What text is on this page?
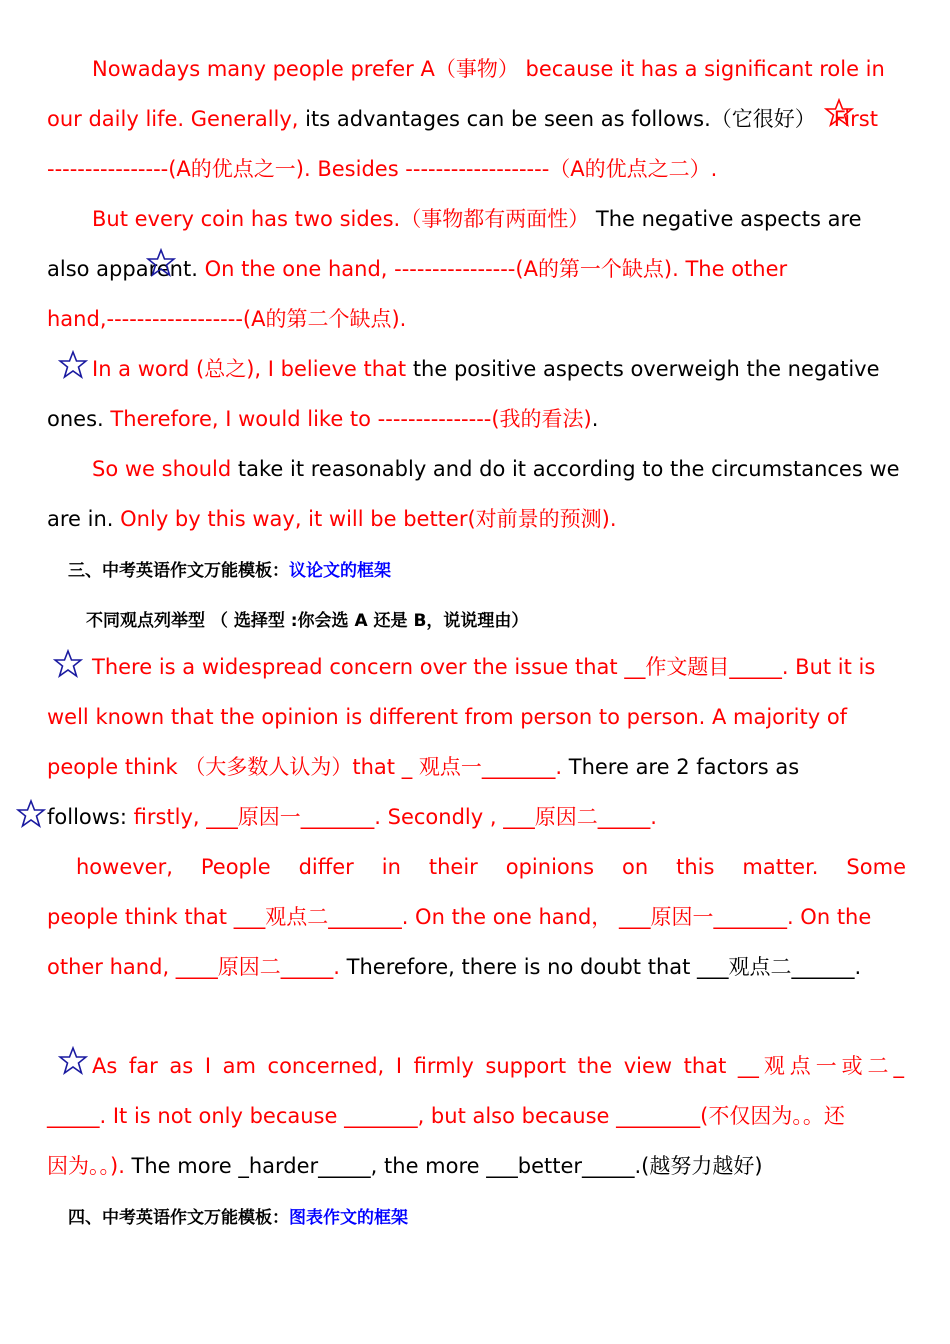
Nowadays many people prefer A（事物） because it has a significant role in
our daily life. Generally, its advantages can be seen as follows.（它很好） First
----------------(A的优点之一). Besides -------------------（A的优点之二）.
But every coin has two sides.（事物都有两面性） The negative aspects are
also apparent. On the one hand, ----------------(A的第一个缺点). The other
hand,------------------(A的第二个缺点).
In a word (总之), I believe that the positive aspects overweigh the negative
ones. Therefore, I would like to ---------------(我的看法).
So we should take it reasonably and do it according to the circumstances we
are in. Only by this way, it will be better(对前景的预测).
三、中考英语作文万能模板：议论文的框架
不同观点列举型 （ 选择型 :你会选 A 还是 B，说说理由）
There is a widespread concern over the issue that __作文题目_____. But it is
well known that the opinion is different from person to person. A majority of
people think （大多数人认为）that _ 观点一_______. There are 2 factors as
follows: firstly, ___原因一_______. Secondly , ___原因二_____.
however, People differ in their opinions on this matter. Some
people think that ___观点二_______. On the one hand， ___原因一_______. On the
other hand, ____原因二_____. Therefore, there is no doubt that ___观点二______.
As far as I am concerned, I firmly support the view that __观点一或二_
_____. It is not only because _______, but also because ________(不仅因为。。还
因为。。). The more _harder_____, the more ___better_____.(越努力越好)
四、中考英语作文万能模板：图表作文的框架
